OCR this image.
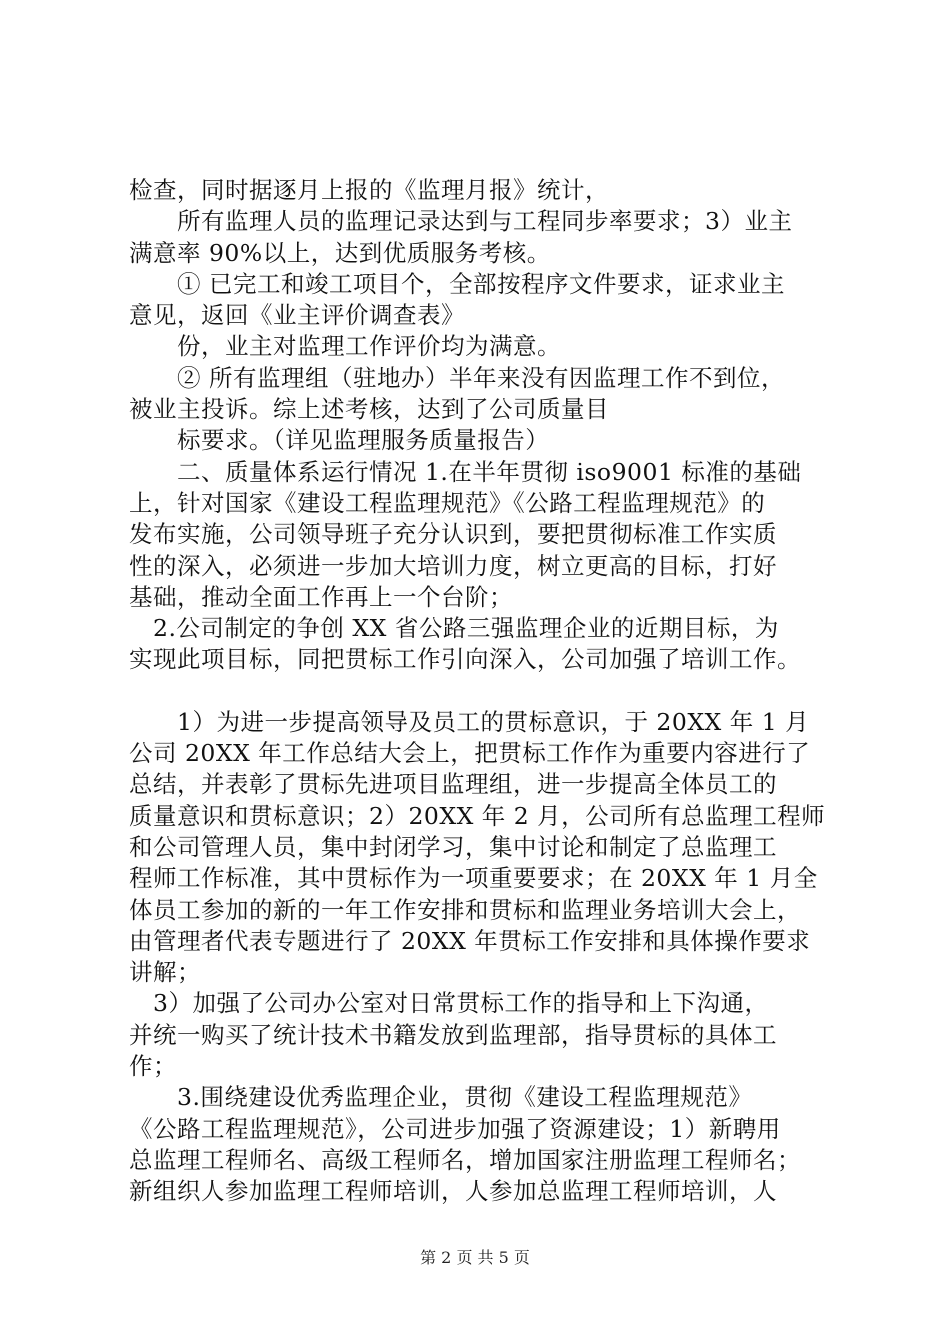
检查，同时据逐月上报的《监理月报》统计，
　　所有监理人员的监理记录达到与工程同步率要求；3）业主
满意率 90%以上，达到优质服务考核。
　　① 已完工和竣工项目个，全部按程序文件要求，证求业主
意见，返回《业主评价调查表》
　　份，业主对监理工作评价均为满意。
　　② 所有监理组（驻地办）半年来没有因监理工作不到位，
被业主投诉。综上述考核，达到了公司质量目
　　标要求。（详见监理服务质量报告）
　　二、质量体系运行情况 1.在半年贯彻 iso9001 标准的基础
上，针对国家《建设工程监理规范》《公路工程监理规范》的
发布实施，公司领导班子充分认识到，要把贯彻标准工作实质
性的深入，必须进一步加大培训力度，树立更高的目标，打好
基础，推动全面工作再上一个台阶；
　2.公司制定的争创 XX 省公路三强监理企业的近期目标，为
实现此项目标，同把贯标工作引向深入，公司加强了培训工作。
　　1）为进一步提高领导及员工的贯标意识，于 20XX 年 1 月
公司 20XX 年工作总结大会上，把贯标工作作为重要内容进行了
总结，并表彰了贯标先进项目监理组，进一步提高全体员工的
质量意识和贯标意识；2）20XX 年 2 月，公司所有总监理工程师
和公司管理人员，集中封闭学习，集中讨论和制定了总监理工
程师工作标准，其中贯标作为一项重要要求；在 20XX 年 1 月全
体员工参加的新的一年工作安排和贯标和监理业务培训大会上，
由管理者代表专题进行了 20XX 年贯标工作安排和具体操作要求
讲解；
　3）加强了公司办公室对日常贯标工作的指导和上下沟通，
并统一购买了统计技术书籍发放到监理部，指导贯标的具体工
作；
　　3.围绕建设优秀监理企业，贯彻《建设工程监理规范》
《公路工程监理规范》，公司进步加强了资源建设；1）新聘用
总监理工程师名、高级工程师名，增加国家注册监理工程师名；
新组织人参加监理工程师培训，人参加总监理工程师培训，人
第 2 页 共 5 页
